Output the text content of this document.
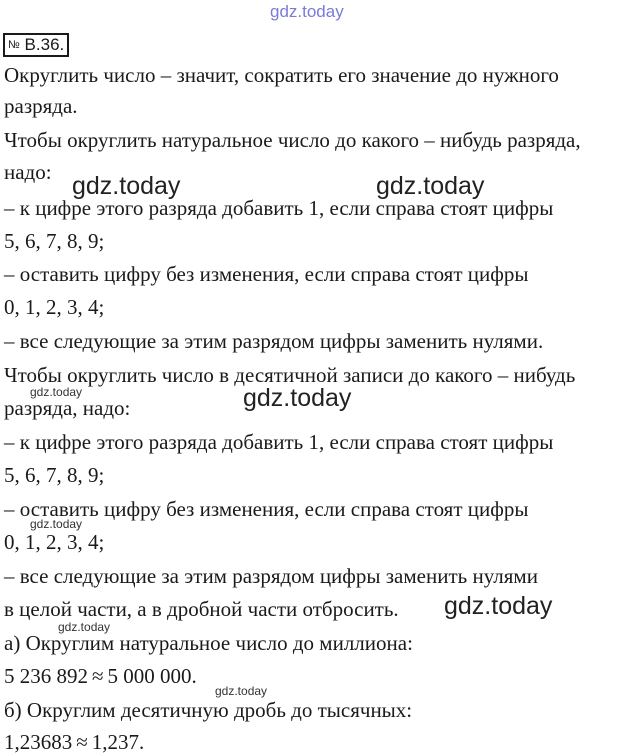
gdz.today
№ В.36.
Округлить число – значит, сократить его значение до нужного
разряда.
Чтобы округлить натуральное число до какого – нибудь разряда,
надо:
– к цифре этого разряда добавить 1, если справа стоят цифры
5, 6, 7, 8, 9;
– оставить цифру без изменения, если справа стоят цифры
0, 1, 2, 3, 4;
– все следующие за этим разрядом цифры заменить нулями.
Чтобы округлить число в десятичной записи до какого – нибудь
разряда, надо:
– к цифре этого разряда добавить 1, если справа стоят цифры
5, 6, 7, 8, 9;
– оставить цифру без изменения, если справа стоят цифры
0, 1, 2, 3, 4;
– все следующие за этим разрядом цифры заменить нулями
в целой части, а в дробной части отбросить.
а) Округлим натуральное число до миллиона:
5 236 892 ≈ 5 000 000.
б) Округлим десятичную дробь до тысячных:
1,23683 ≈ 1,237.
gdz.today	gdz.today
gdz.today
gdz.today
gdz.today
gdz.today
gdz.today
gdz.today
